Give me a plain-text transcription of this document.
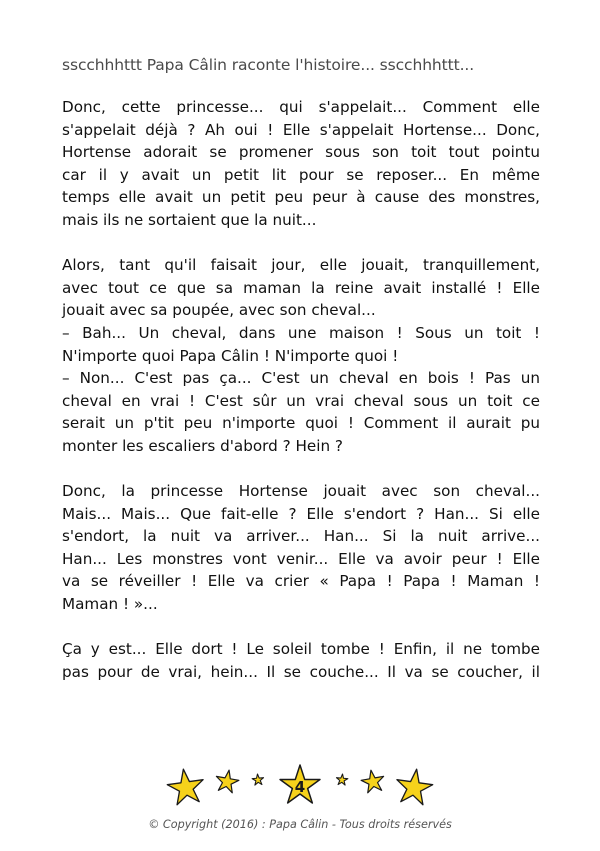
sscchhhttt Papa Câlin raconte l'histoire... sscchhhttt...
Donc, cette princesse... qui s'appelait... Comment elle
s'appelait déjà ? Ah oui ! Elle s'appelait Hortense... Donc,
Hortense adorait se promener sous son toit tout pointu
car il y avait un petit lit pour se reposer... En même
temps elle avait un petit peu peur à cause des monstres,
mais ils ne sortaient que la nuit...
Alors, tant qu'il faisait jour, elle jouait, tranquillement,
avec tout ce que sa maman la reine avait installé ! Elle
jouait avec sa poupée, avec son cheval...
– Bah... Un cheval, dans une maison ! Sous un toit !
N'importe quoi Papa Câlin ! N'importe quoi !
– Non... C'est pas ça... C'est un cheval en bois ! Pas un
cheval en vrai ! C'est sûr un vrai cheval sous un toit ce
serait un p'tit peu n'importe quoi ! Comment il aurait pu
monter les escaliers d'abord ? Hein ?
Donc, la princesse Hortense jouait avec son cheval...
Mais... Mais... Que fait-elle ? Elle s'endort ? Han... Si elle
s'endort, la nuit va arriver... Han... Si la nuit arrive...
Han... Les monstres vont venir... Elle va avoir peur ! Elle
va se réveiller ! Elle va crier « Papa ! Papa ! Maman !
Maman ! »...
Ça y est... Elle dort ! Le soleil tombe ! Enfin, il ne tombe
pas pour de vrai, hein... Il se couche... Il va se coucher, il
4
© Copyright (2016) : Papa Câlin - Tous droits réservés
